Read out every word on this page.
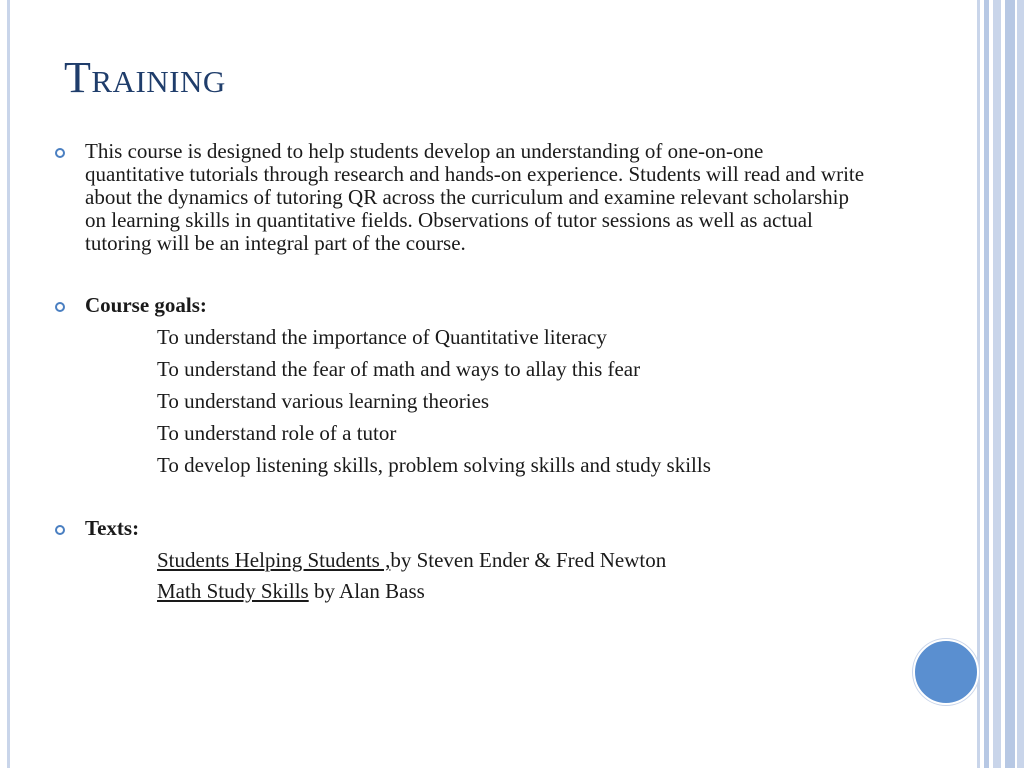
Training

This course is designed to help students develop an understanding of one-on-one quantitative tutorials through research and hands-on experience. Students will read and write about the dynamics of tutoring QR across the curriculum and examine relevant scholarship on learning skills in quantitative fields. Observations of tutor sessions as well as actual tutoring will be an integral part of the course.

Course goals:

To understand the importance of Quantitative literacy

To understand the fear of math and ways to allay this fear

To understand various learning theories

To understand role of a tutor

To develop listening skills, problem solving skills and study skills

Texts:

Students Helping Students ,by Steven Ender & Fred Newton

Math Study Skills by Alan Bass
